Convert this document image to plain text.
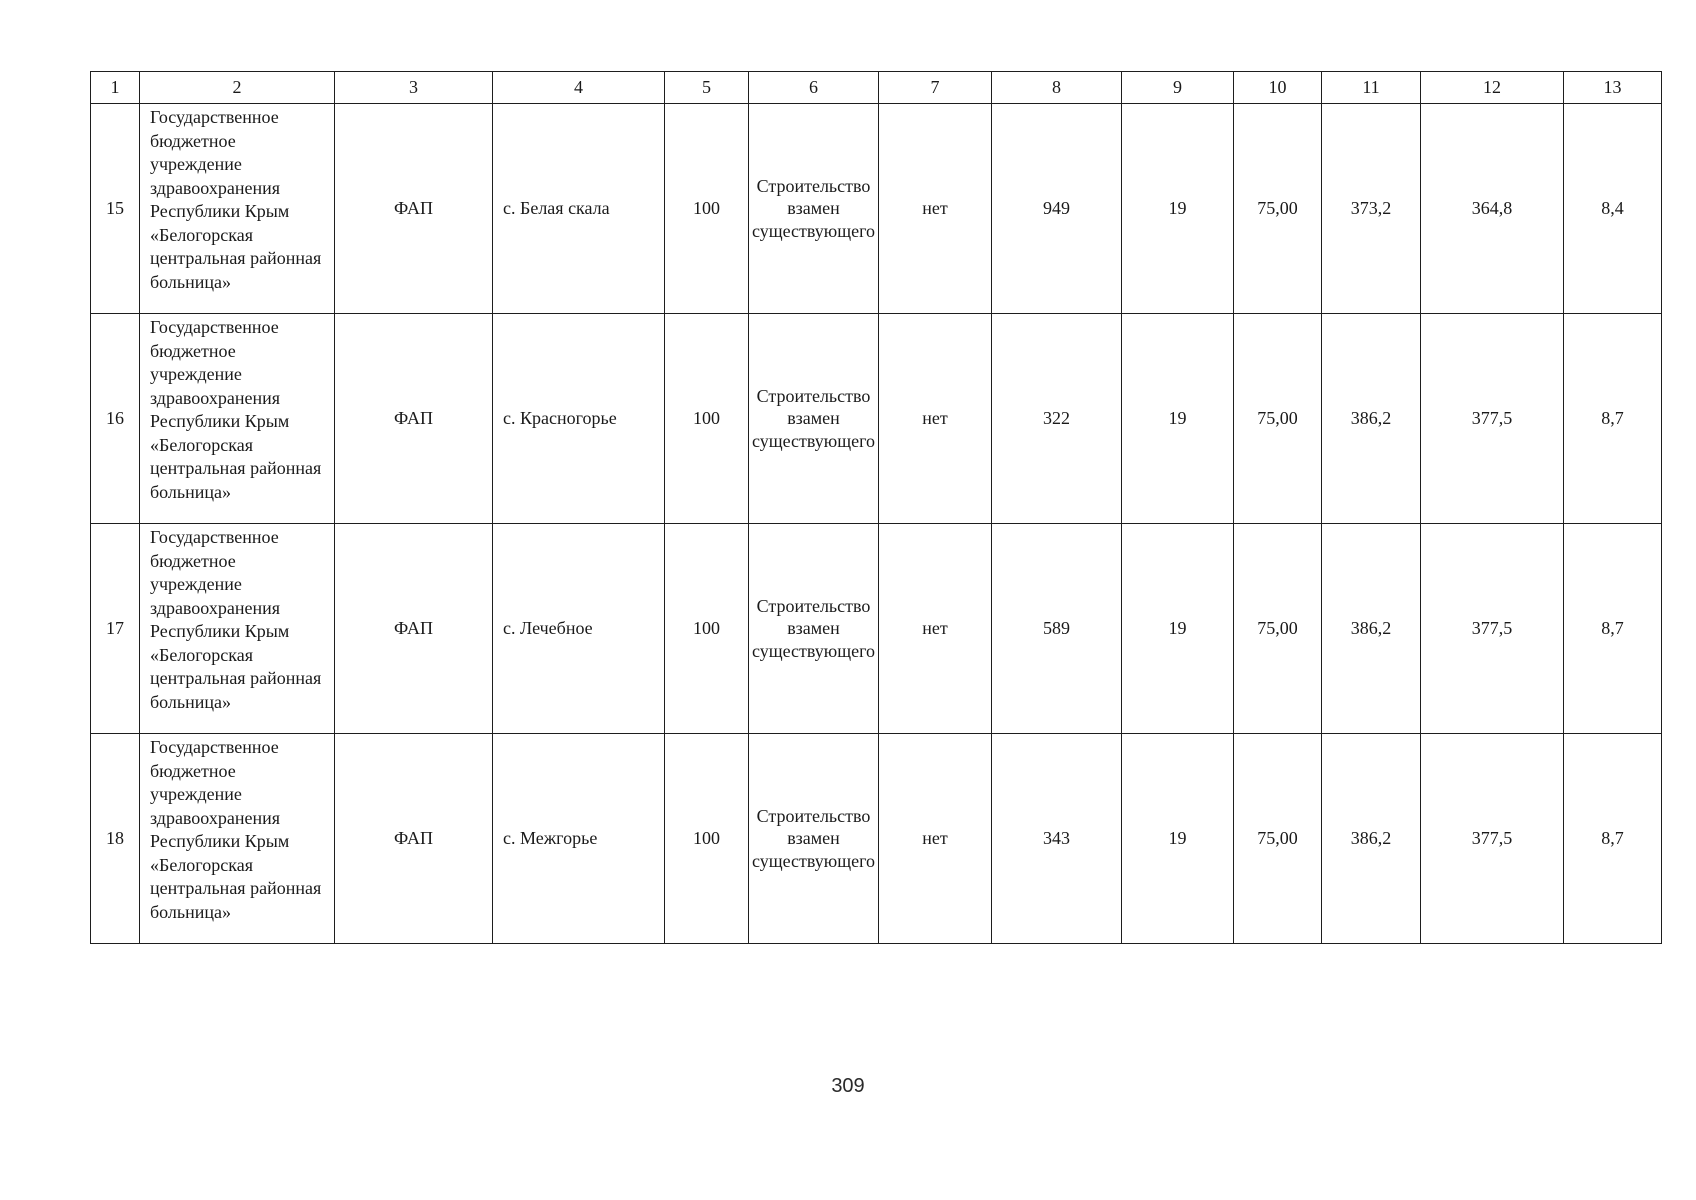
1	2	3	4	5	6	7	8	9	10	11	12	13
15	Государственное бюджетное учреждение здравоохранения Республики Крым «Белогорская центральная районная больница»	ФАП	с. Белая скала	100	Строительство взамен существующего	нет	949	19	75,00	373,2	364,8	8,4
16	Государственное бюджетное учреждение здравоохранения Республики Крым «Белогорская центральная районная больница»	ФАП	с. Красногорье	100	Строительство взамен существующего	нет	322	19	75,00	386,2	377,5	8,7
17	Государственное бюджетное учреждение здравоохранения Республики Крым «Белогорская центральная районная больница»	ФАП	с. Лечебное	100	Строительство взамен существующего	нет	589	19	75,00	386,2	377,5	8,7
18	Государственное бюджетное учреждение здравоохранения Республики Крым «Белогорская центральная районная больница»	ФАП	с. Межгорье	100	Строительство взамен существующего	нет	343	19	75,00	386,2	377,5	8,7
309
